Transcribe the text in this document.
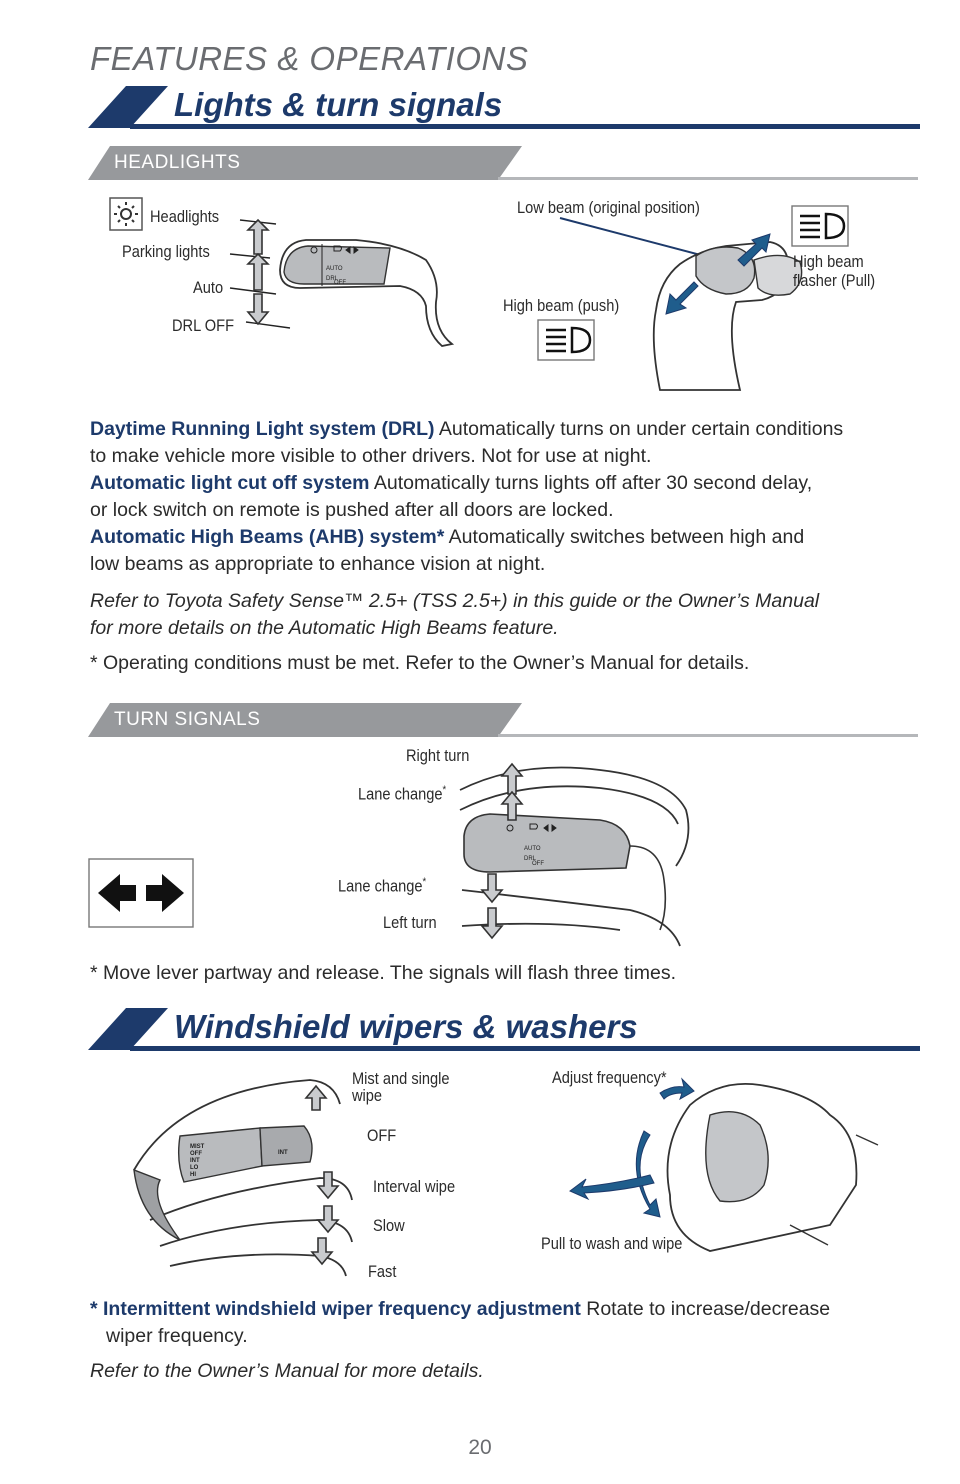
FEATURES & OPERATIONS
Lights & turn signals
HEADLIGHTS
AUTO
DRL
OFF
Headlights
Parking lights
Auto
DRL OFF
Low beam (original position)
High beam (push)
High beam
flasher (Pull)
Daytime Running Light system (DRL) Automatically turns on under certain conditions
to make vehicle more visible to other drivers. Not for use at night.
Automatic light cut off system Automatically turns lights off after 30 second delay,
or lock switch on remote is pushed after all doors are locked.
Automatic High Beams (AHB) system* Automatically switches between high and
low beams as appropriate to enhance vision at night.
Refer to Toyota Safety Sense™ 2.5+ (TSS 2.5+) in this guide or the Owner’s Manual
for more details on the Automatic High Beams feature.
* Operating conditions must be met. Refer to the Owner’s Manual for details.
TURN SIGNALS
AUTO
DRL
OFF
Right turn
Lane change*
Lane change*
Left turn
* Move lever partway and release. The signals will flash three times.
Windshield wipers & washers
MIST
OFF
INT
LO
HI
INT
Mist and single
wipe
OFF
Interval wipe
Slow
Fast
Adjust frequency*
Pull to wash and wipe
* Intermittent windshield wiper frequency adjustment Rotate to increase/decrease
wiper frequency.
Refer to the Owner’s Manual for more details.
20
